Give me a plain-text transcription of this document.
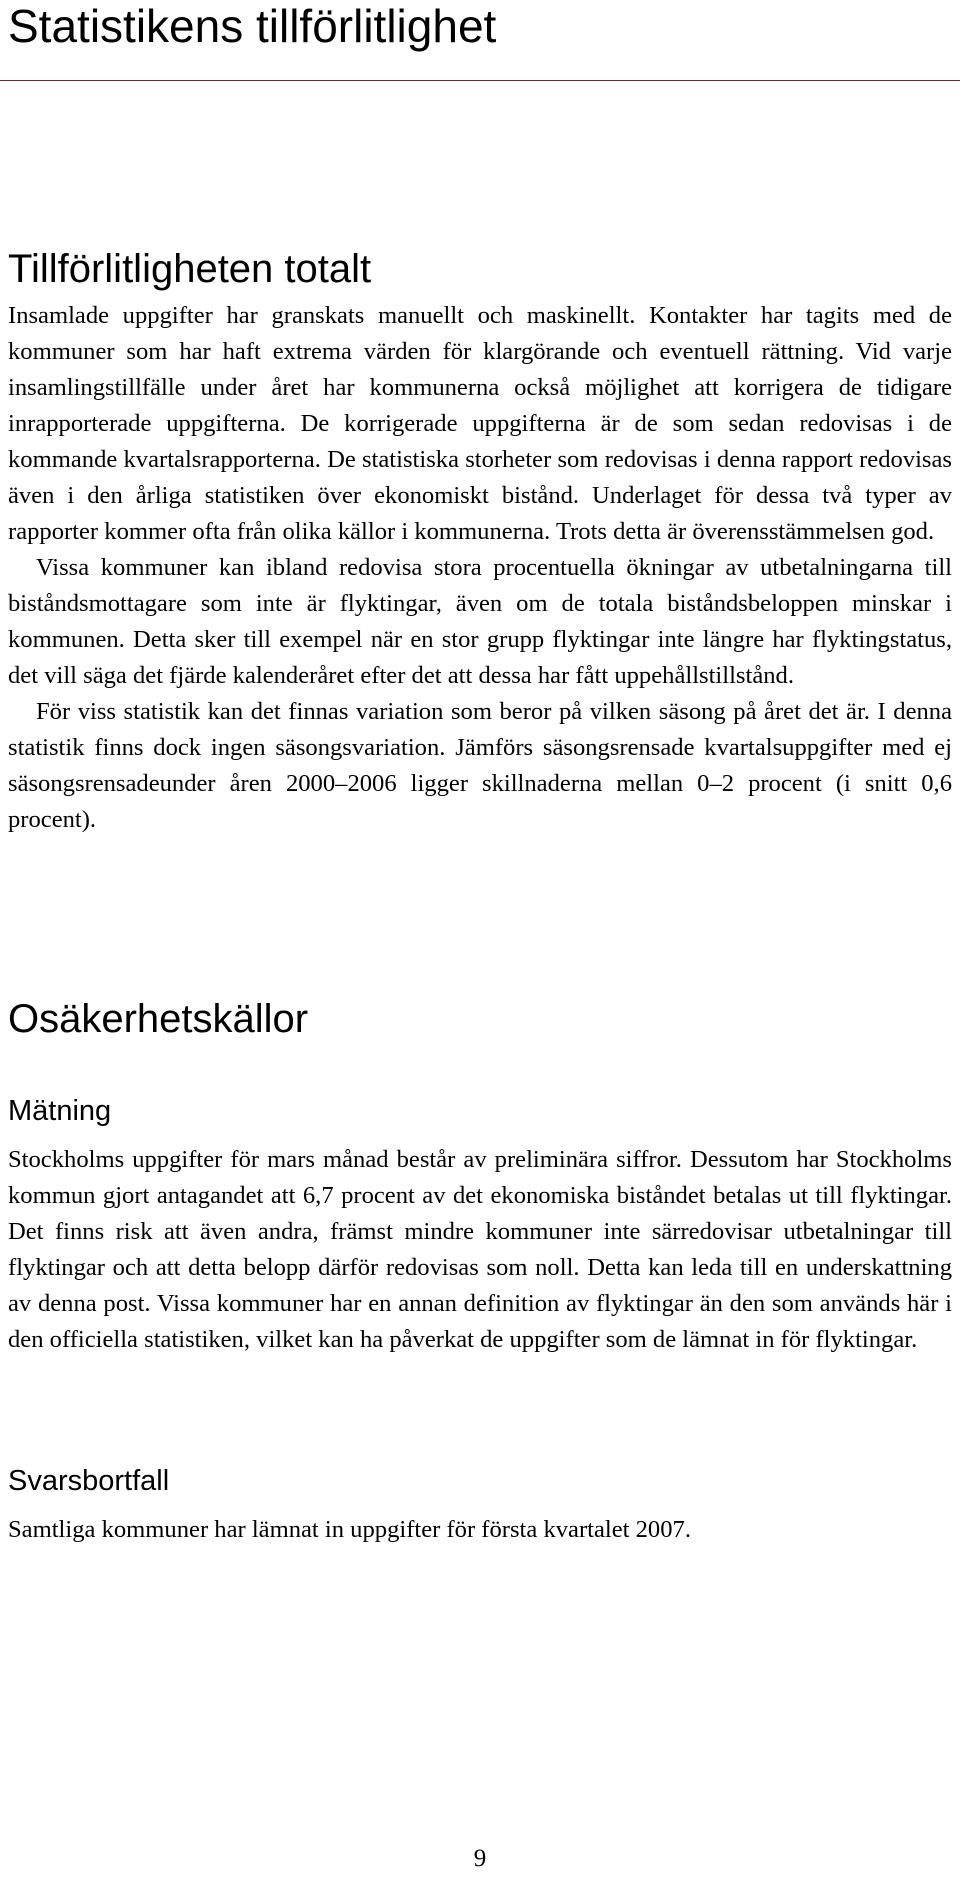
Statistikens tillförlitlighet
Tillförlitligheten totalt

Insamlade uppgifter har granskats manuellt och maskinellt. Kontakter har tagits med de kommuner som har haft extrema värden för klargörande och eventuell rättning. Vid varje insamlingstillfälle under året har kommunerna också möjlighet att korrigera de tidigare inrapporterade uppgifterna. De korrigerade uppgifterna är de som sedan redovisas i de kommande kvartalsrapporterna. De statistiska storheter som redovisas i denna rapport redovisas även i den årliga statistiken över ekonomiskt bistånd. Underlaget för dessa två typer av rapporter kommer ofta från olika källor i kommunerna. Trots detta är överensstämmelsen god.

Vissa kommuner kan ibland redovisa stora procentuella ökningar av utbetalningarna till biståndsmottagare som inte är flyktingar, även om de totala biståndsbeloppen minskar i kommunen. Detta sker till exempel när en stor grupp flyktingar inte längre har flyktingstatus, det vill säga det fjärde kalenderåret efter det att dessa har fått uppehållstillstånd.

För viss statistik kan det finnas variation som beror på vilken säsong på året det är. I denna statistik finns dock ingen säsongsvariation. Jämförs säsongsrensade kvartalsuppgifter med ej säsongsrensadeunder åren 2000–2006 ligger skillnaderna mellan 0–2 procent (i snitt 0,6 procent).

Osäkerhetskällor
Mätning

Stockholms uppgifter för mars månad består av preliminära siffror. Dessutom har Stockholms kommun gjort antagandet att 6,7 procent av det ekonomiska biståndet betalas ut till flyktingar. Det finns risk att även andra, främst mindre kommuner inte särredovisar utbetalningar till flyktingar och att detta belopp därför redovisas som noll. Detta kan leda till en underskattning av denna post. Vissa kommuner har en annan definition av flyktingar än den som används här i den officiella statistiken, vilket kan ha påverkat de uppgifter som de lämnat in för flyktingar.

Svarsbortfall

Samtliga kommuner har lämnat in uppgifter för första kvartalet 2007.

9
